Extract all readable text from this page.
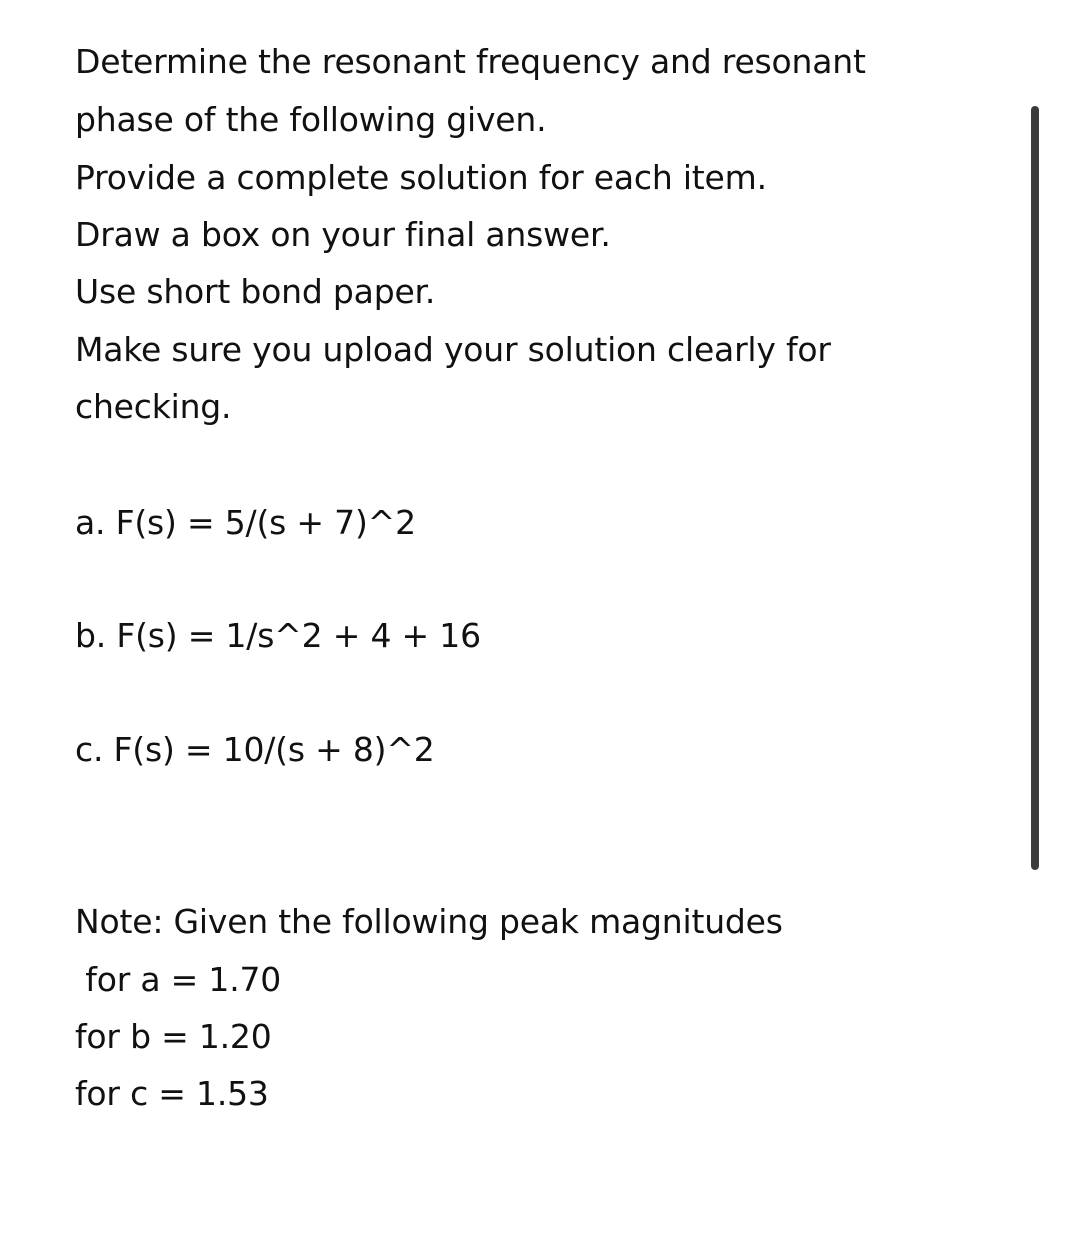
Determine the resonant frequency and resonant
phase of the following given.
Provide a complete solution for each item.
Draw a box on your final answer.
Use short bond paper.
Make sure you upload your solution clearly for
checking.
a. F(s) = 5/(s + 7)^2
b. F(s) = 1/s^2 + 4 + 16
c. F(s) = 10/(s + 8)^2
Note: Given the following peak magnitudes
for a = 1.70
for b = 1.20
for c = 1.53
